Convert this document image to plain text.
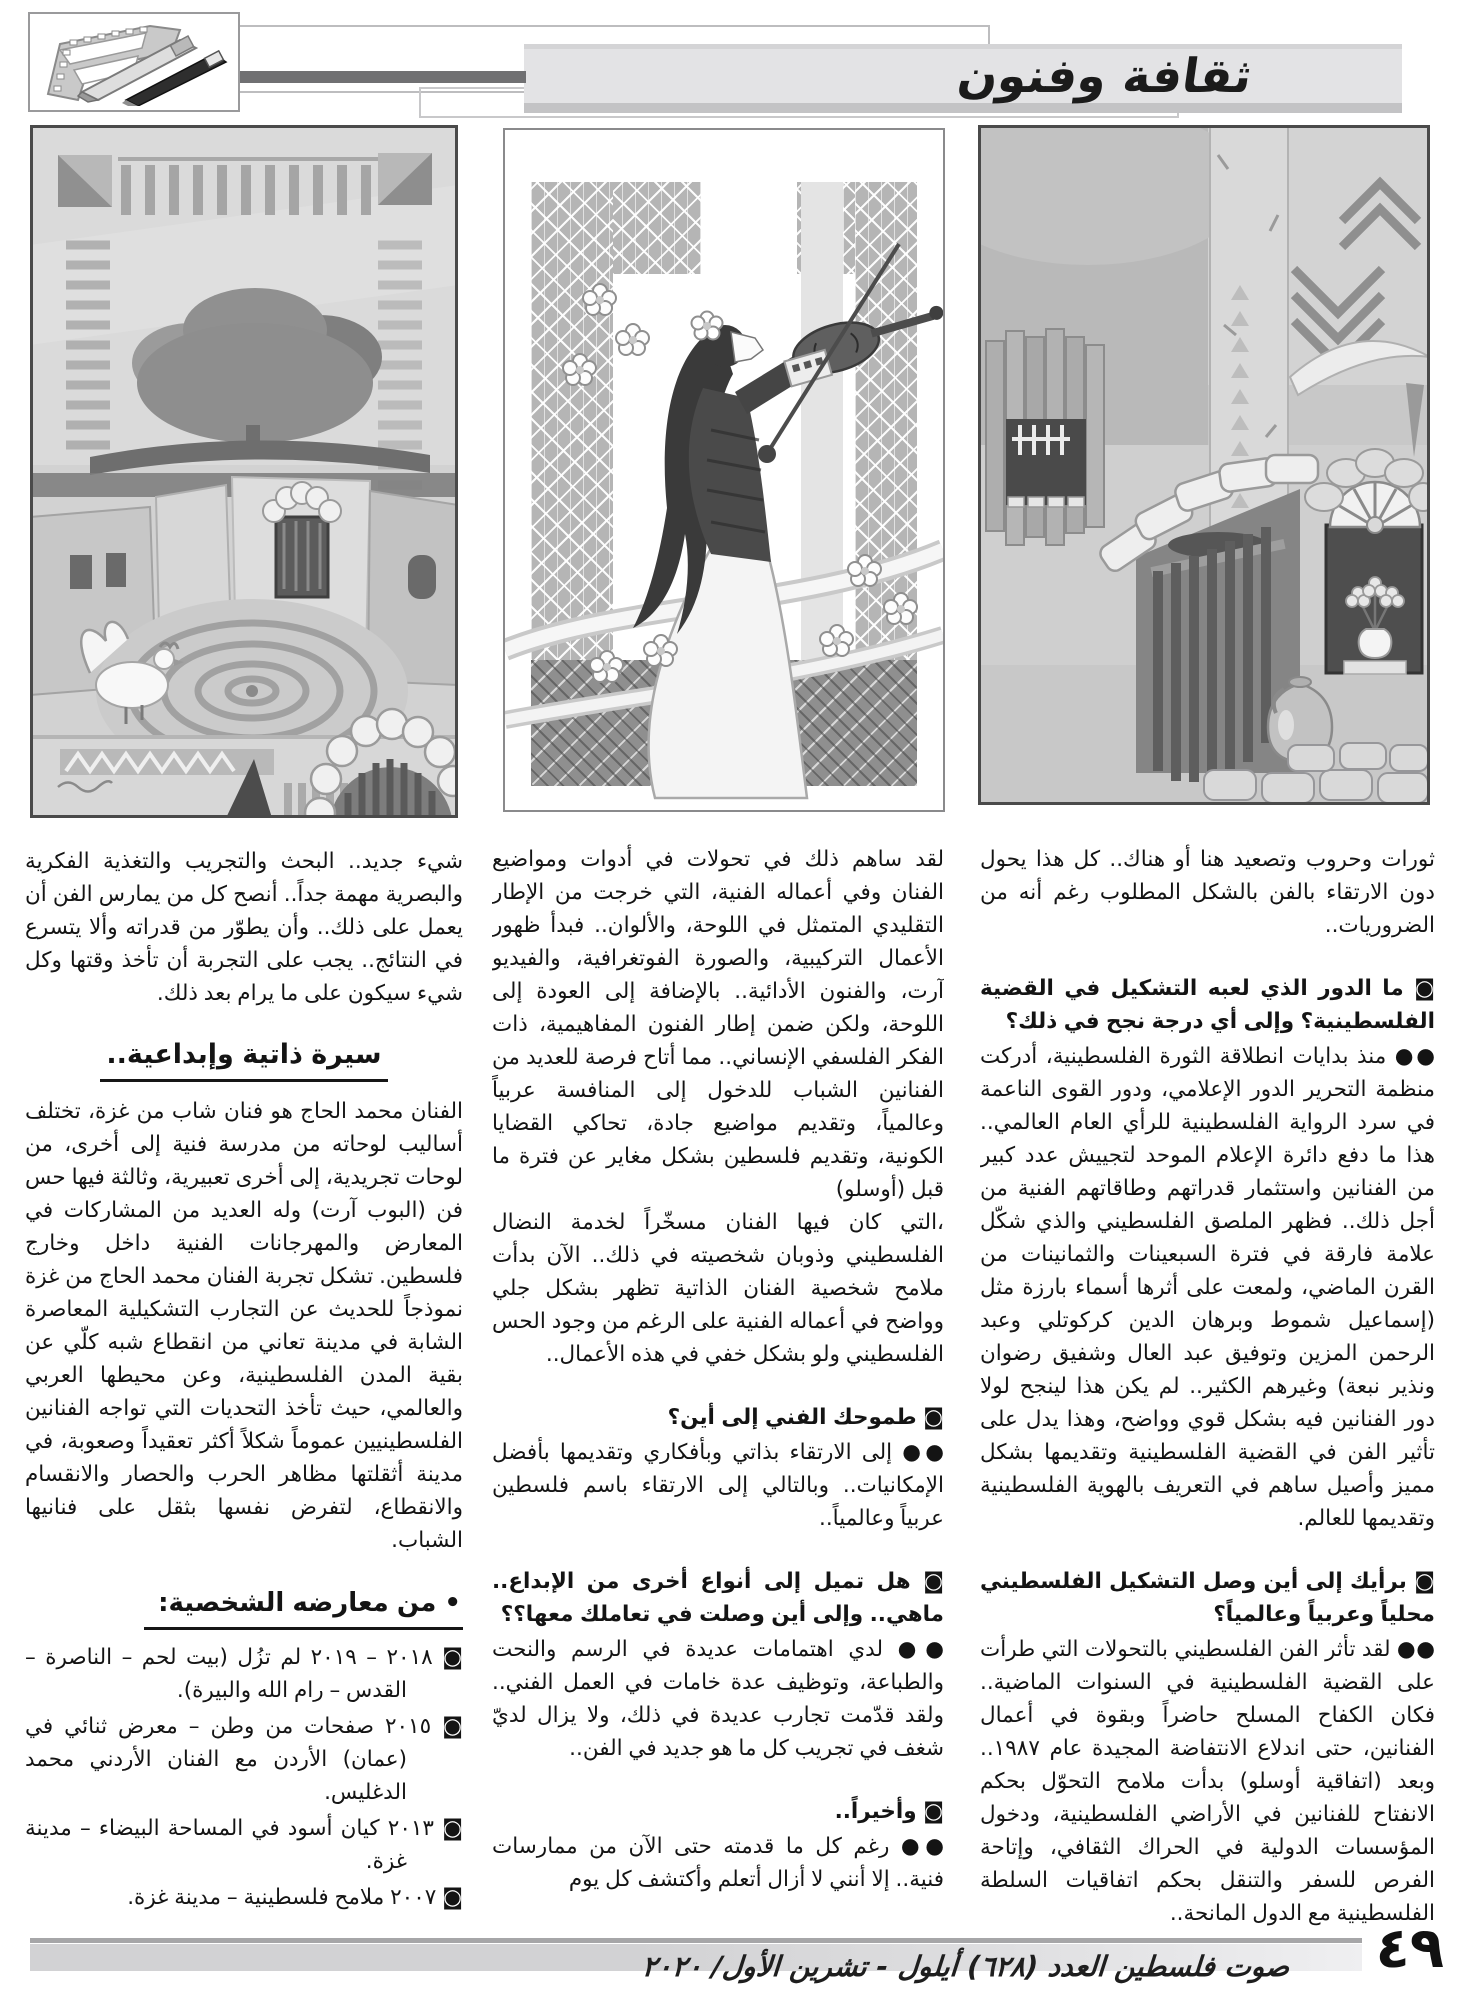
ثقافة وفنون

ثورات وحروب وتصعيد هنا أو هناك.. كل هذا يحول دون الارتقاء بالفن بالشكل المطلوب رغم أنه من الضروريات..

◙ ما الدور الذي لعبه التشكيل في القضية الفلسطينية؟ وإلى أي درجة نجح في ذلك؟

●● منذ بدايات انطلاقة الثورة الفلسطينية، أدركت منظمة التحرير الدور الإعلامي، ودور القوى الناعمة في سرد الرواية الفلسطينية للرأي العام العالمي.. هذا ما دفع دائرة الإعلام الموحد لتجييش عدد كبير من الفنانين واستثمار قدراتهم وطاقاتهم الفنية من أجل ذلك.. فظهر الملصق الفلسطيني والذي شكّل علامة فارقة في فترة السبعينات والثمانينات من القرن الماضي، ولمعت على أثرها أسماء بارزة مثل (إسماعيل شموط وبرهان الدين كركوتلي وعبد الرحمن المزين وتوفيق عبد العال وشفيق رضوان ونذير نبعة) وغيرهم الكثير.. لم يكن هذا لينجح لولا دور الفنانين فيه بشكل قوي وواضح، وهذا يدل على تأثير الفن في القضية الفلسطينية وتقديمها بشكل مميز وأصيل ساهم في التعريف بالهوية الفلسطينية وتقديمها للعالم.

◙ برأيك إلى أين وصل التشكيل الفلسطيني محلياً وعربياً وعالمياً؟

●● لقد تأثر الفن الفلسطيني بالتحولات التي طرأت على القضية الفلسطينية في السنوات الماضية.. فكان الكفاح المسلح حاضراً وبقوة في أعمال الفنانين، حتى اندلاع الانتفاضة المجيدة عام ١٩٨٧.. وبعد (اتفاقية أوسلو) بدأت ملامح التحوّل بحكم الانفتاح للفنانين في الأراضي الفلسطينية، ودخول المؤسسات الدولية في الحراك الثقافي، وإتاحة الفرص للسفر والتنقل بحكم اتفاقيات السلطة الفلسطينية مع الدول المانحة..

لقد ساهم ذلك في تحولات في أدوات ومواضيع الفنان وفي أعماله الفنية، التي خرجت من الإطار التقليدي المتمثل في اللوحة، والألوان.. فبدأ ظهور الأعمال التركيبية، والصورة الفوتغرافية، والفيديو آرت، والفنون الأدائية.. بالإضافة إلى العودة إلى اللوحة، ولكن ضمن إطار الفنون المفاهيمية، ذات الفكر الفلسفي الإنساني.. مما أتاح فرصة للعديد من الفنانين الشباب للدخول إلى المنافسة عربياً وعالمياً، وتقديم مواضيع جادة، تحاكي القضايا الكونية، وتقديم فلسطين بشكل مغاير عن فترة ما قبل (أوسلو)

،التي كان فيها الفنان مسخّراً لخدمة النضال الفلسطيني وذوبان شخصيته في ذلك.. الآن بدأت ملامح شخصية الفنان الذاتية تظهر بشكل جلي وواضح في أعماله الفنية على الرغم من وجود الحس الفلسطيني ولو بشكل خفي في هذه الأعمال..

◙ طموحك الفني إلى أين؟

●● إلى الارتقاء بذاتي وبأفكاري وتقديمها بأفضل الإمكانيات.. وبالتالي إلى الارتقاء باسم فلسطين عربياً وعالمياً..

◙ هل تميل إلى أنواع أخرى من الإبداع.. ماهي.. وإلى أين وصلت في تعاملك معها؟؟

●● لدي اهتمامات عديدة في الرسم والنحت والطباعة، وتوظيف عدة خامات في العمل الفني.. ولقد قدّمت تجارب عديدة في ذلك، ولا يزال لديّ شغف في تجريب كل ما هو جديد في الفن..

◙ وأخيراً..

●● رغم كل ما قدمته حتى الآن من ممارسات فنية.. إلا أنني لا أزال أتعلم وأكتشف كل يوم

شيء جديد.. البحث والتجريب والتغذية الفكرية والبصرية مهمة جداً.. أنصح كل من يمارس الفن أن يعمل على ذلك.. وأن يطوّر من قدراته وألا يتسرع في النتائج.. يجب على التجربة أن تأخذ وقتها وكل شيء سيكون على ما يرام بعد ذلك.

سيرة ذاتية وإبداعية..

الفنان محمد الحاج هو فنان شاب من غزة، تختلف أساليب لوحاته من مدرسة فنية إلى أخرى، من لوحات تجريدية، إلى أخرى تعبيرية، وثالثة فيها حس فن (البوب آرت) وله العديد من المشاركات في المعارض والمهرجانات الفنية داخل وخارج فلسطين. تشكل تجربة الفنان محمد الحاج من غزة نموذجاً للحديث عن التجارب التشكيلية المعاصرة الشابة في مدينة تعاني من انقطاع شبه كلّي عن بقية المدن الفلسطينية، وعن محيطها العربي والعالمي، حيث تأخذ التحديات التي تواجه الفنانين الفلسطينيين عموماً شكلاً أكثر تعقيداً وصعوبة، في مدينة أثقلتها مظاهر الحرب والحصار والانقسام والانقطاع، لتفرض نفسها بثقل على فنانيها الشباب.

• من معارضه الشخصية:
◙ ٢٠١٨ – ٢٠١٩ لم تزُل (بيت لحم – الناصرة – القدس – رام الله والبيرة).
◙ ٢٠١٥ صفحات من وطن – معرض ثنائي في (عمان) الأردن مع الفنان الأردني محمد الدغليس.
◙ ٢٠١٣ كيان أسود في المساحة البيضاء – مدينة غزة.
◙ ٢٠٠٧ ملامح فلسطينية – مدينة غزة.
صوت فلسطين العدد (٦٢٨) أيلول - تشرين الأول/ ٢٠٢٠ ٤٩
